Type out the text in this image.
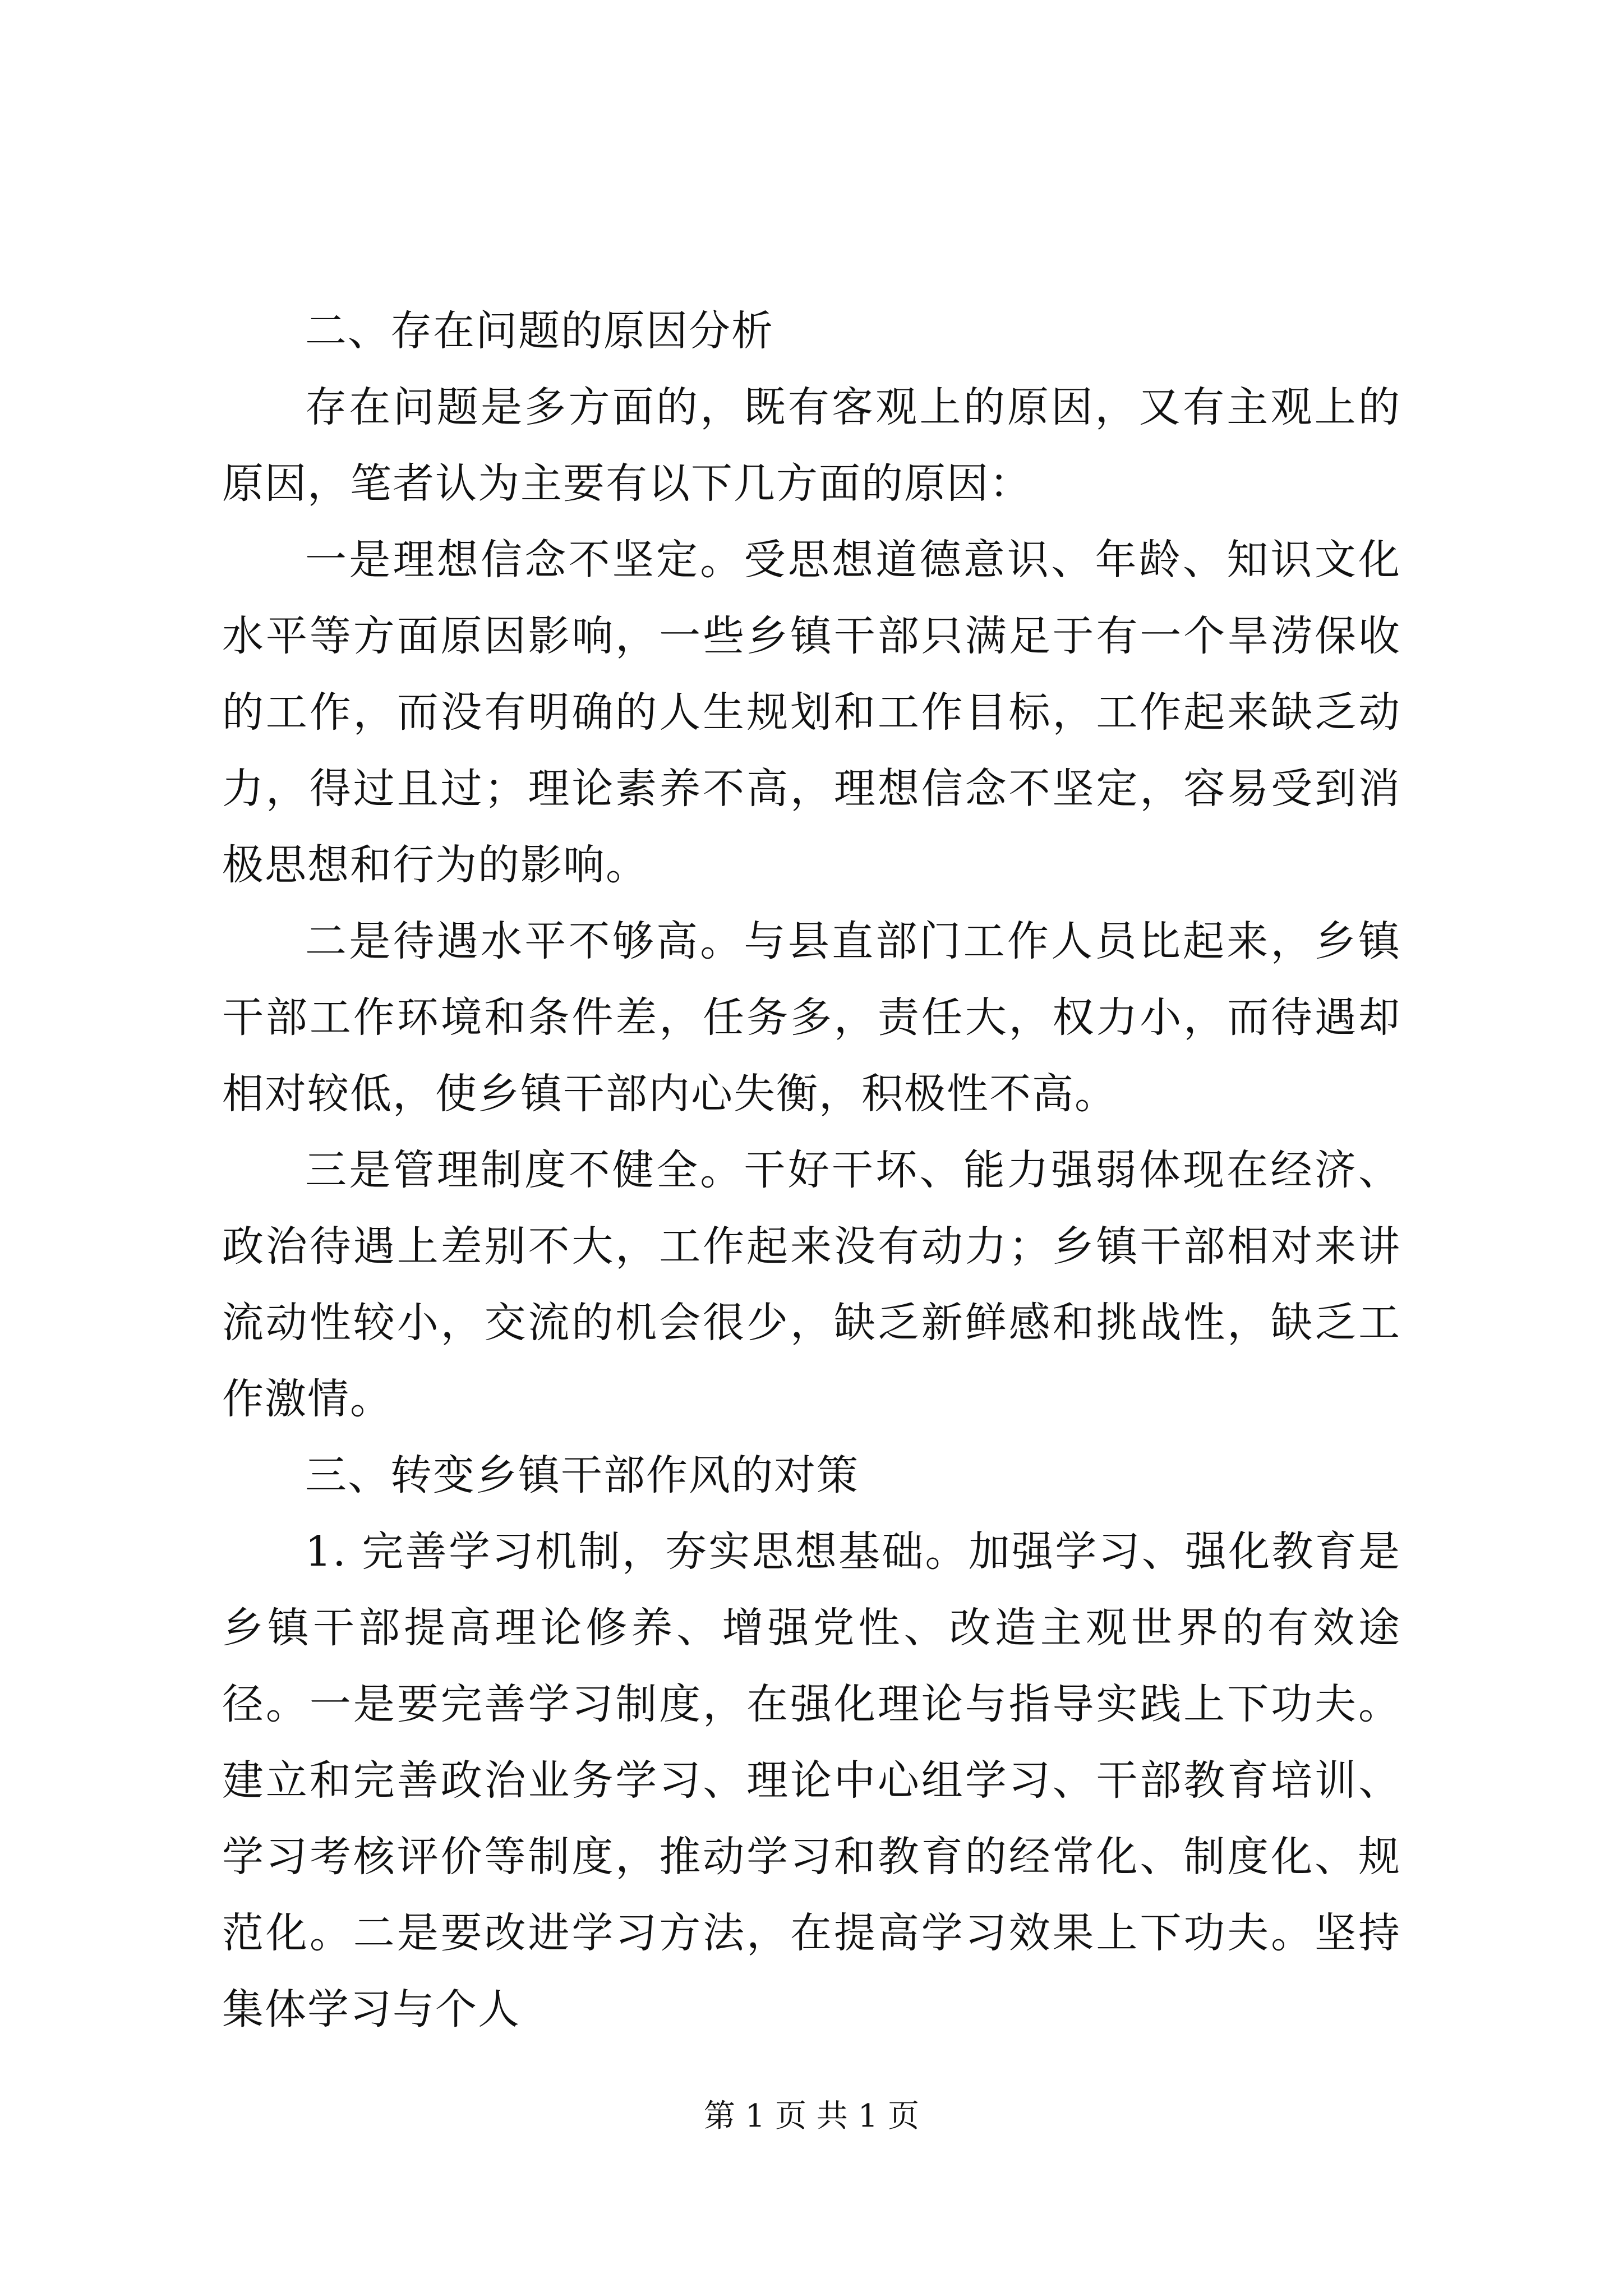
二、存在问题的原因分析

存在问题是多方面的，既有客观上的原因，又有主观上的原因，笔者认为主要有以下几方面的原因：

一是理想信念不坚定。受思想道德意识、年龄、知识文化水平等方面原因影响，一些乡镇干部只满足于有一个旱涝保收的工作，而没有明确的人生规划和工作目标，工作起来缺乏动力，得过且过；理论素养不高，理想信念不坚定，容易受到消极思想和行为的影响。

二是待遇水平不够高。与县直部门工作人员比起来，乡镇干部工作环境和条件差，任务多，责任大，权力小，而待遇却相对较低，使乡镇干部内心失衡，积极性不高。

三是管理制度不健全。干好干坏、能力强弱体现在经济、政治待遇上差别不大，工作起来没有动力；乡镇干部相对来讲流动性较小，交流的机会很少，缺乏新鲜感和挑战性，缺乏工作激情。

三、转变乡镇干部作风的对策

1. 完善学习机制，夯实思想基础。加强学习、强化教育是乡镇干部提高理论修养、增强党性、改造主观世界的有效途径。一是要完善学习制度，在强化理论与指导实践上下功夫。建立和完善政治业务学习、理论中心组学习、干部教育培训、学习考核评价等制度，推动学习和教育的经常化、制度化、规范化。二是要改进学习方法，在提高学习效果上下功夫。坚持集体学习与个人

第 1 页 共 1 页
